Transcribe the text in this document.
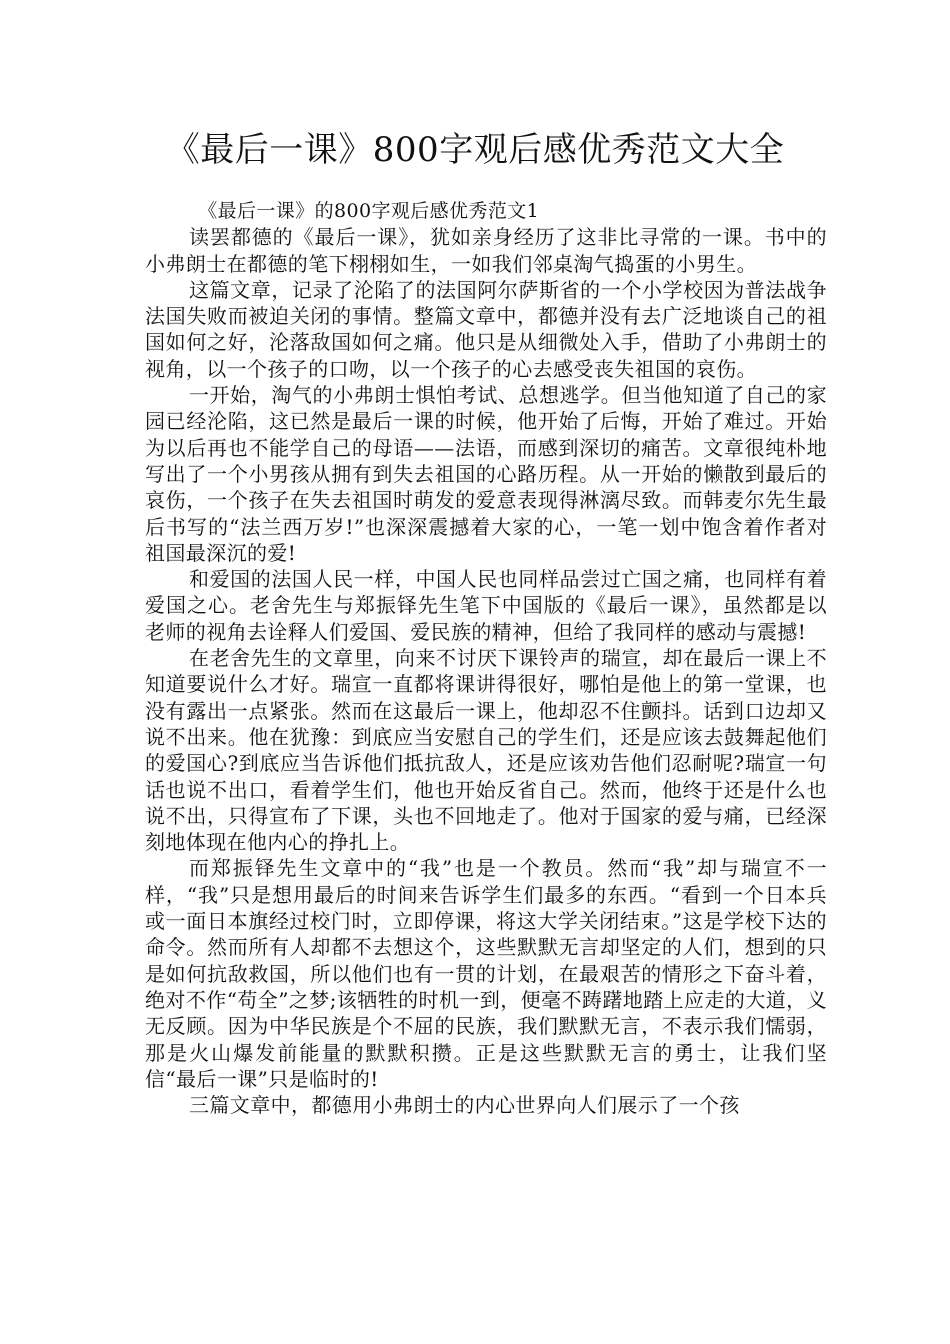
《最后一课》800字观后感优秀范文大全

《最后一课》的800字观后感优秀范文1

读罢都德的《最后一课》，犹如亲身经历了这非比寻常的一课。书中的小弗朗士在都德的笔下栩栩如生，一如我们邻桌淘气捣蛋的小男生。

这篇文章，记录了沦陷了的法国阿尔萨斯省的一个小学校因为普法战争法国失败而被迫关闭的事情。整篇文章中，都德并没有去广泛地谈自己的祖国如何之好，沦落敌国如何之痛。他只是从细微处入手，借助了小弗朗士的视角，以一个孩子的口吻，以一个孩子的心去感受丧失祖国的哀伤。

一开始，淘气的小弗朗士惧怕考试、总想逃学。但当他知道了自己的家园已经沦陷，这已然是最后一课的时候，他开始了后悔，开始了难过。开始为以后再也不能学自己的母语——法语，而感到深切的痛苦。文章很纯朴地写出了一个小男孩从拥有到失去祖国的心路历程。从一开始的懒散到最后的哀伤，一个孩子在失去祖国时萌发的爱意表现得淋漓尽致。而韩麦尔先生最后书写的“法兰西万岁!”也深深震撼着大家的心，一笔一划中饱含着作者对祖国最深沉的爱!

和爱国的法国人民一样，中国人民也同样品尝过亡国之痛，也同样有着爱国之心。老舍先生与郑振铎先生笔下中国版的《最后一课》，虽然都是以老师的视角去诠释人们爱国、爱民族的精神，但给了我同样的感动与震撼!

在老舍先生的文章里，向来不讨厌下课铃声的瑞宣，却在最后一课上不知道要说什么才好。瑞宣一直都将课讲得很好，哪怕是他上的第一堂课，也没有露出一点紧张。然而在这最后一课上，他却忍不住颤抖。话到口边却又说不出来。他在犹豫：到底应当安慰自己的学生们，还是应该去鼓舞起他们的爱国心?到底应当告诉他们抵抗敌人，还是应该劝告他们忍耐呢?瑞宣一句话也说不出口，看着学生们，他也开始反省自己。然而，他终于还是什么也说不出，只得宣布了下课，头也不回地走了。他对于国家的爱与痛，已经深刻地体现在他内心的挣扎上。

而郑振铎先生文章中的“我”也是一个教员。然而“我”却与瑞宣不一样，“我”只是想用最后的时间来告诉学生们最多的东西。“看到一个日本兵或一面日本旗经过校门时，立即停课，将这大学关闭结束。”这是学校下达的命令。然而所有人却都不去想这个，这些默默无言却坚定的人们，想到的只是如何抗敌救国，所以他们也有一贯的计划，在最艰苦的情形之下奋斗着，绝对不作“苟全”之梦;该牺牲的时机一到，便毫不踌躇地踏上应走的大道，义无反顾。因为中华民族是个不屈的民族，我们默默无言，不表示我们懦弱，那是火山爆发前能量的默默积攒。正是这些默默无言的勇士，让我们坚信“最后一课”只是临时的!

三篇文章中，都德用小弗朗士的内心世界向人们展示了一个孩
